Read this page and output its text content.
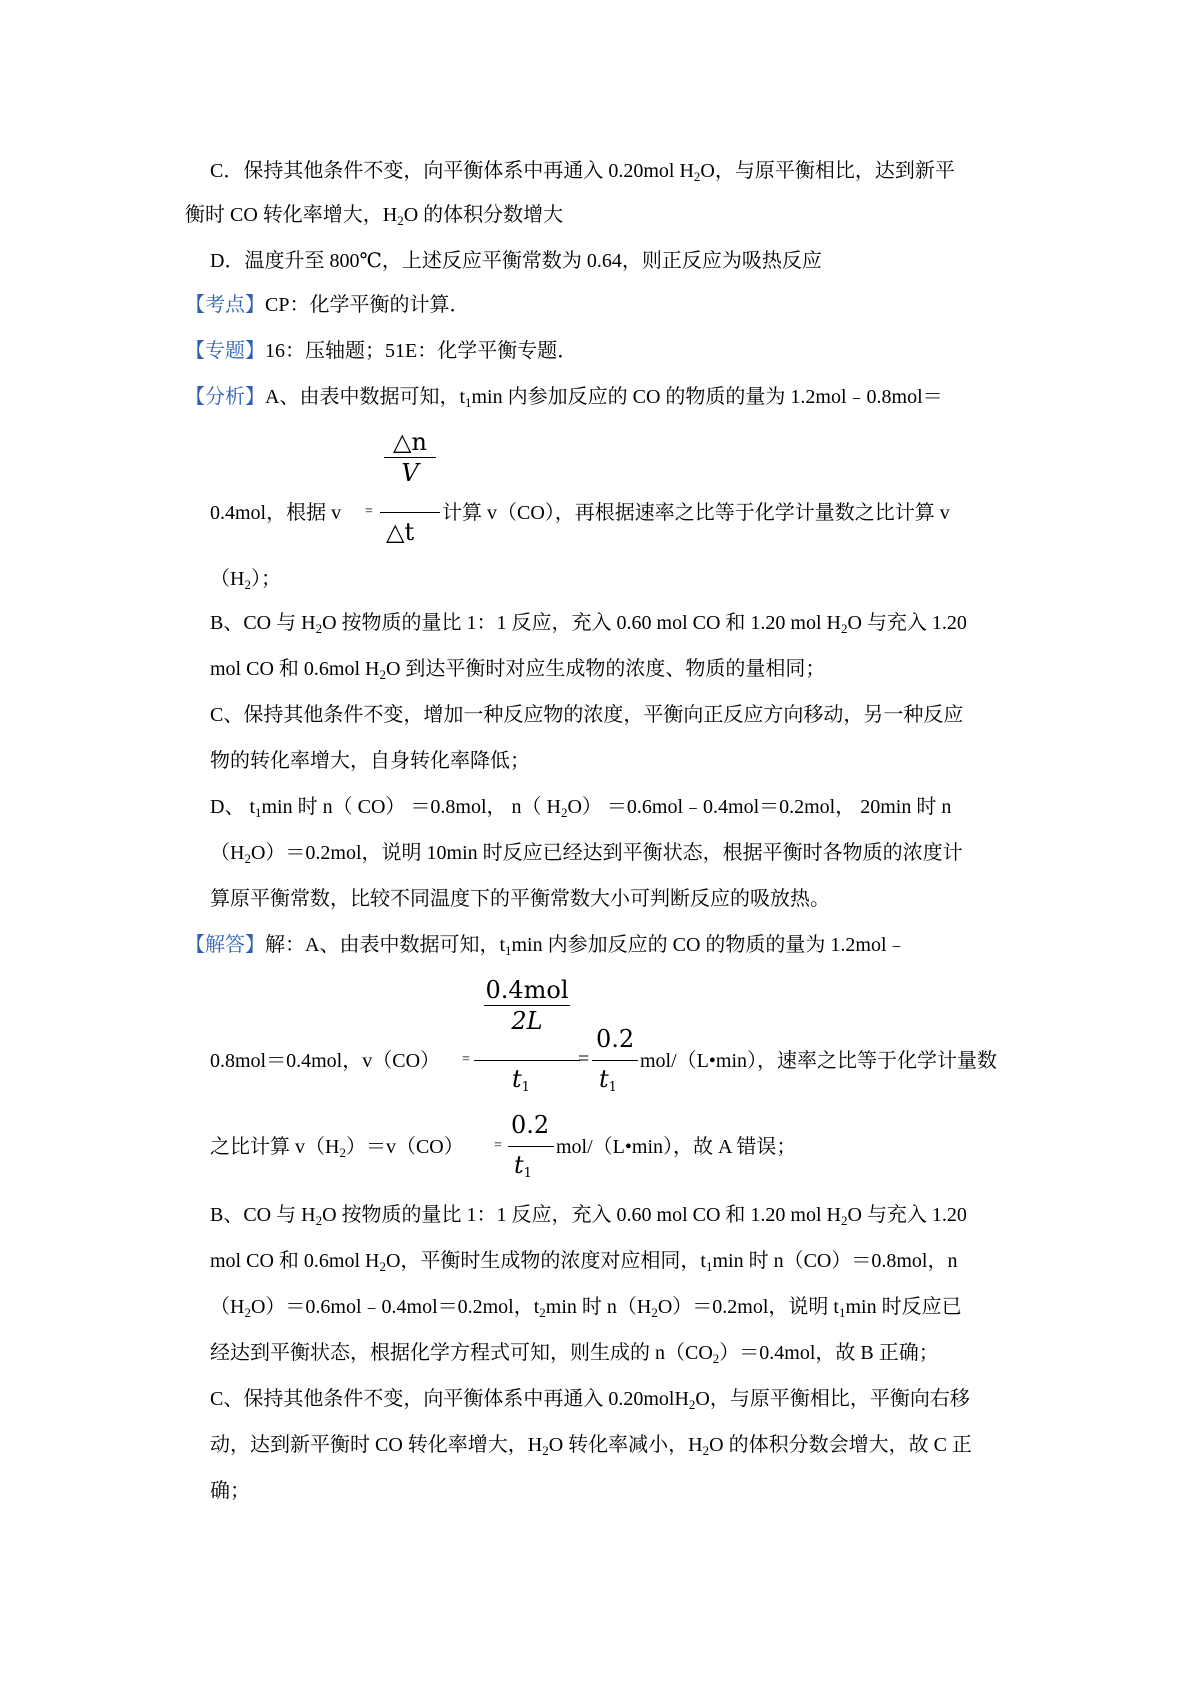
C．保持其他条件不变，向平衡体系中再通入 0.20mol $H_2O$，与原平衡相比，达到新平
衡时 CO 转化率增大，$H_2O$ 的体积分数增大
D．温度升至 800℃，上述反应平衡常数为 0.64，则正反应为吸热反应
【考点】CP：化学平衡的计算．
【专题】16：压轴题；51E：化学平衡专题．
【分析】A、由表中数据可知，$t_1\min$ 内参加反应的 CO 的物质的量为 1.2mol﹣0.8mol＝
△n
V
△t
0.4mol，根据 v =	计算 v（CO），再根据速率之比等于化学计量数之比计算 v
$(H_2)$；
B、CO 与 $H_2O$ 按物质的量比 1：1 反应，充入 0.60 mol CO 和 1.20 mol $H_2O$ 与充入 1.20
mol CO 和 0.6mol $H_2O$ 到达平衡时对应生成物的浓度、物质的量相同；
C、保持其他条件不变，增加一种反应物的浓度，平衡向正反应方向移动，另一种反应
物的转化率增大，自身转化率降低；
D、 $t_1\min$ 时 n（ CO） ＝0.8mol， n（ $H_2O$） ＝0.6mol﹣0.4mol＝0.2mol， 20min 时 n
$(H_2O)=0.2mol$，说明 10min 时反应已经达到平衡状态，根据平衡时各物质的浓度计
算原平衡常数，比较不同温度下的平衡常数大小可判断反应的吸放热。
【解答】解：A、由表中数据可知，$t_1\min$ 内参加反应的 CO 的物质的量为 1.2mol﹣
0.4mol
2L
$t_1$
0.2
$t_1$
0.8mol＝0.4mol，v（CO） =	=	mol/（L•min），速率之比等于化学计量数
0.2
$t_1$
之比计算 $v(H_2)=v(CO)$ =	mol/（L•min），故 A 错误；
B、CO 与 $H_2O$ 按物质的量比 1：1 反应，充入 0.60 mol CO 和 1.20 mol $H_2O$ 与充入 1.20
mol CO 和 0.6mol $H_2O$，平衡时生成物的浓度对应相同，$t_1\min$ 时 n（CO）＝0.8mol，n
$(H_2O)=0.6mol﹣0.4mol=0.2mol$，$t_2\min$ 时 $n(H_2O)=0.2mol$，说明 $t_1\min$ 时反应已
经达到平衡状态，根据化学方程式可知，则生成的 $n(CO_2)=0.4mol$，故 B 正确；
C、保持其他条件不变，向平衡体系中再通入 0.20molH$_2$O，与原平衡相比，平衡向右移
动，达到新平衡时 CO 转化率增大，$H_2O$ 转化率减小，$H_2O$ 的体积分数会增大，故 C 正
确；
